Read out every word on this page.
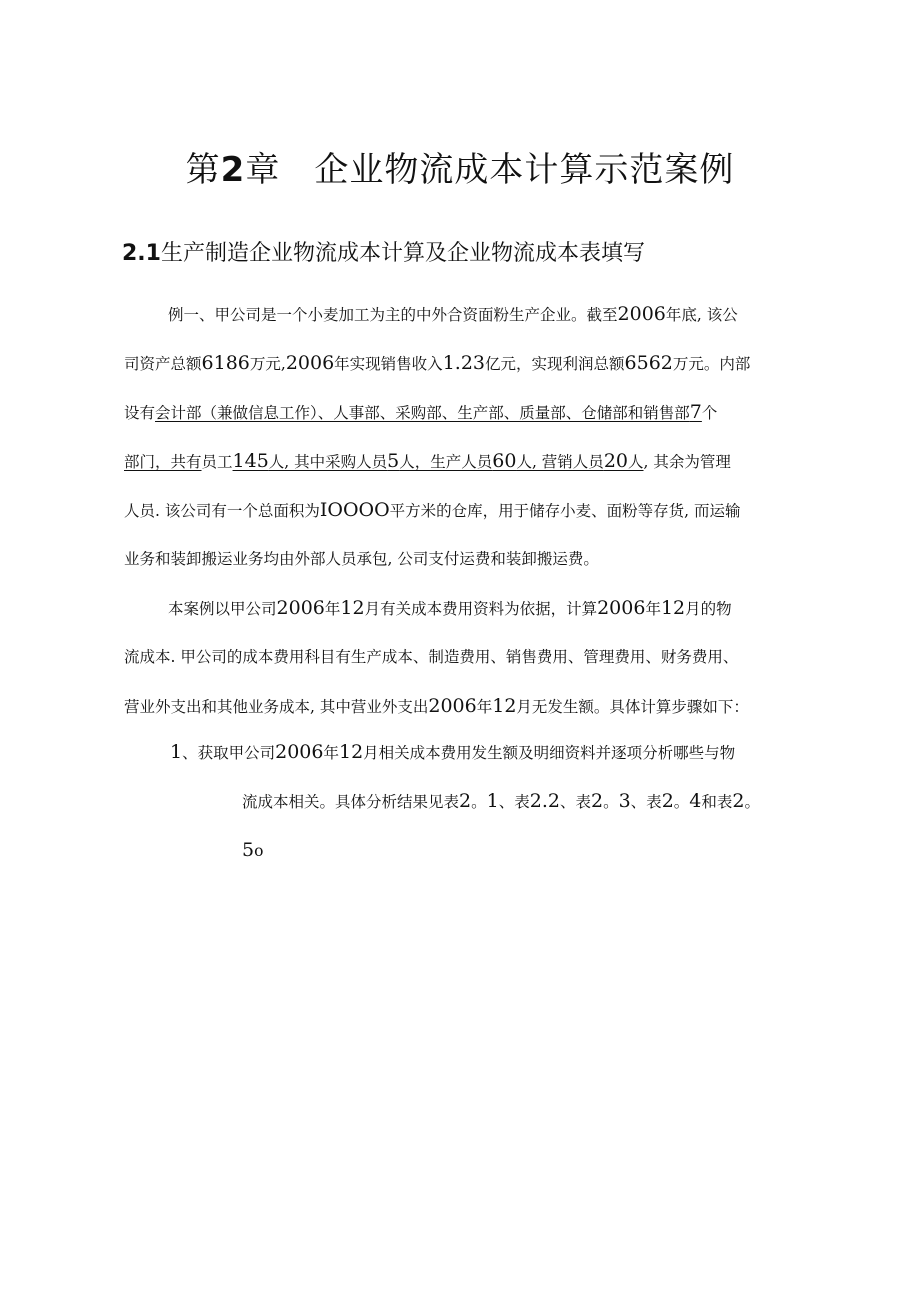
第2章 企业物流成本计算示范案例
2.1生产制造企业物流成本计算及企业物流成本表填写
例一、甲公司是一个小麦加工为主的中外合资面粉生产企业。截至2006年底, 该公
司资产总额6186万元,2006年实现销售收入1.23亿元，实现利润总额6562万元。内部
设有会计部（兼做信息工作）、人事部、采购部、生产部、质量部、仓储部和销售部7个
部门，共有员工145人, 其中采购人员5人，生产人员60人, 营销人员20人, 其余为管理
人员. 该公司有一个总面积为IOOOO平方米的仓库，用于储存小麦、面粉等存货, 而运输
业务和装卸搬运业务均由外部人员承包, 公司支付运费和装卸搬运费。
本案例以甲公司2006年12月有关成本费用资料为依据，计算2006年12月的物
流成本. 甲公司的成本费用科目有生产成本、制造费用、销售费用、管理费用、财务费用、
营业外支出和其他业务成本, 其中营业外支出2006年12月无发生额。具体计算步骤如下：
1、获取甲公司2006年12月相关成本费用发生额及明细资料并逐项分析哪些与物
流成本相关。具体分析结果见表2。1、表2.2、表2。3、表2。4和表2。
5o
